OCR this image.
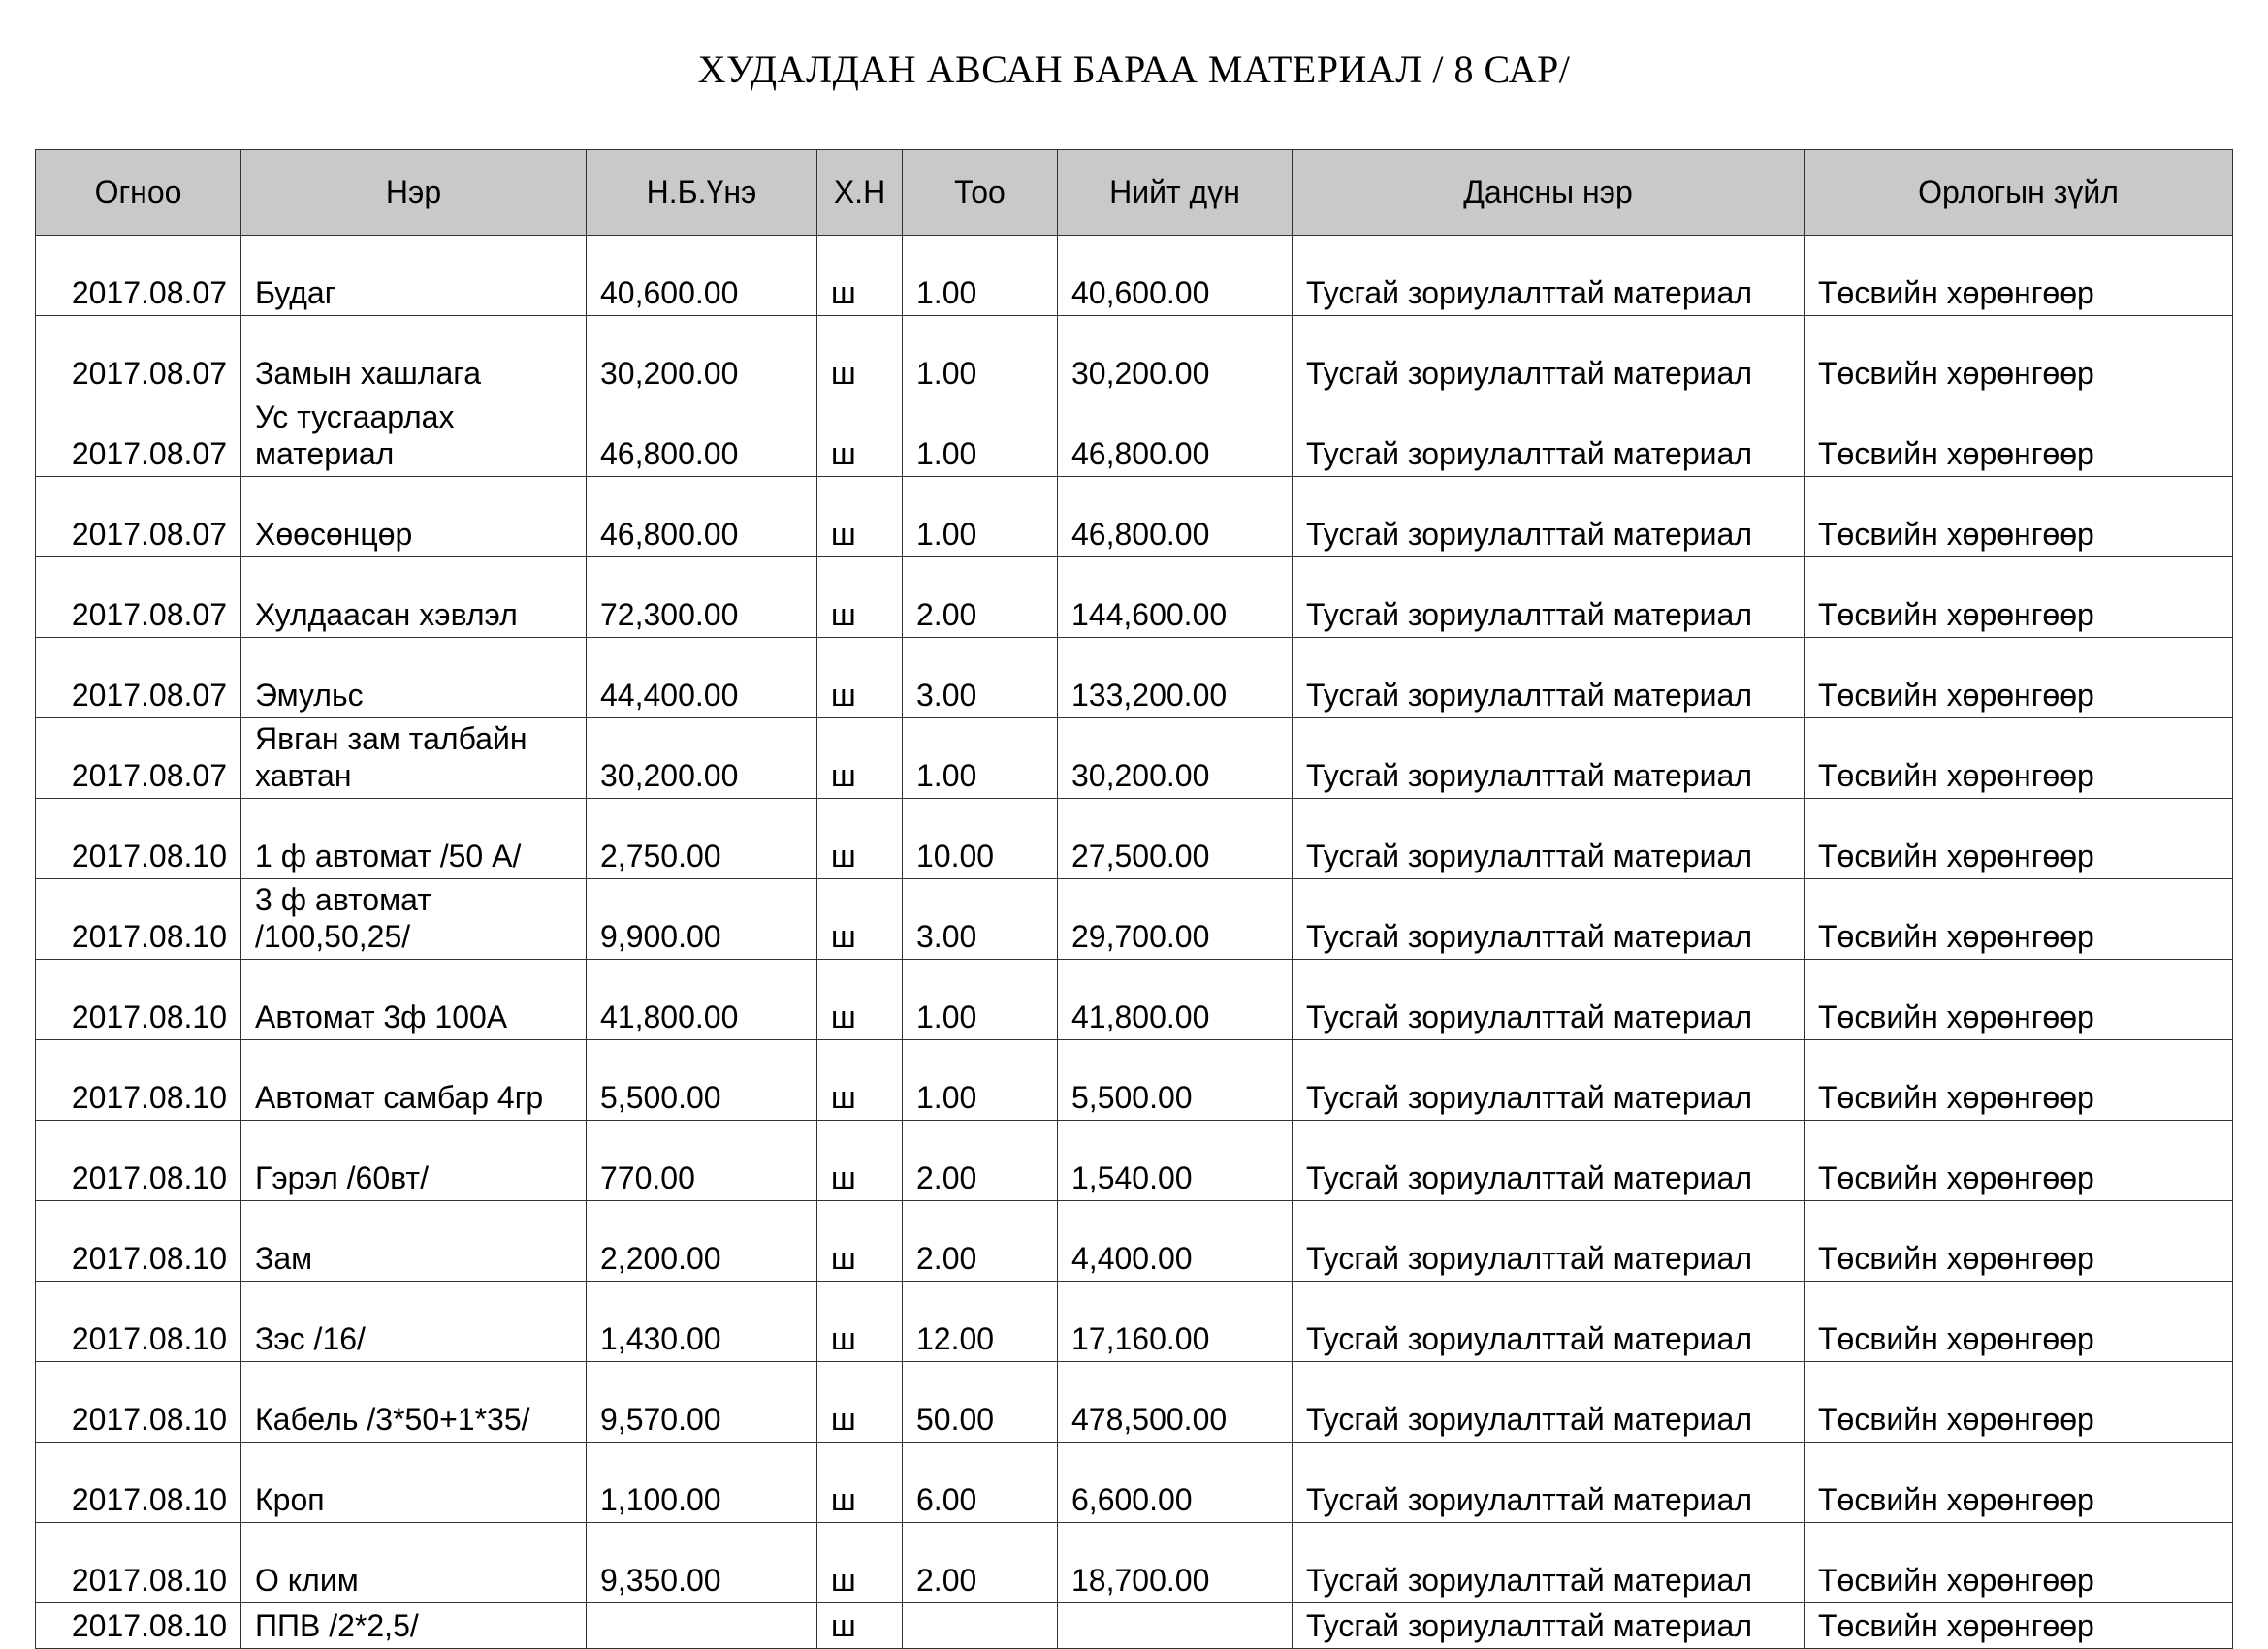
ХУДАЛДАН АВСАН БАРАА МАТЕРИАЛ / 8 САР/
Огноо	Нэр	Н.Б.Үнэ	Х.Н	Тоо	Нийт дүн	Дансны нэр	Орлогын зүйл
2017.08.07	Будаг	40,600.00	ш	1.00	40,600.00	Тусгай зориулалттай материал	Төсвийн хөрөнгөөр
2017.08.07	Замын хашлага	30,200.00	ш	1.00	30,200.00	Тусгай зориулалттай материал	Төсвийн хөрөнгөөр
2017.08.07	Ус тусгаарлах материал	46,800.00	ш	1.00	46,800.00	Тусгай зориулалттай материал	Төсвийн хөрөнгөөр
2017.08.07	Хөөсөнцөр	46,800.00	ш	1.00	46,800.00	Тусгай зориулалттай материал	Төсвийн хөрөнгөөр
2017.08.07	Хулдаасан хэвлэл	72,300.00	ш	2.00	144,600.00	Тусгай зориулалттай материал	Төсвийн хөрөнгөөр
2017.08.07	Эмульс	44,400.00	ш	3.00	133,200.00	Тусгай зориулалттай материал	Төсвийн хөрөнгөөр
2017.08.07	Явган зам талбайн хавтан	30,200.00	ш	1.00	30,200.00	Тусгай зориулалттай материал	Төсвийн хөрөнгөөр
2017.08.10	1 ф автомат /50 А/	2,750.00	ш	10.00	27,500.00	Тусгай зориулалттай материал	Төсвийн хөрөнгөөр
2017.08.10	3 ф автомат /100,50,25/	9,900.00	ш	3.00	29,700.00	Тусгай зориулалттай материал	Төсвийн хөрөнгөөр
2017.08.10	Автомат 3ф 100А	41,800.00	ш	1.00	41,800.00	Тусгай зориулалттай материал	Төсвийн хөрөнгөөр
2017.08.10	Автомат самбар 4гр	5,500.00	ш	1.00	5,500.00	Тусгай зориулалттай материал	Төсвийн хөрөнгөөр
2017.08.10	Гэрэл /60вт/	770.00	ш	2.00	1,540.00	Тусгай зориулалттай материал	Төсвийн хөрөнгөөр
2017.08.10	Зам	2,200.00	ш	2.00	4,400.00	Тусгай зориулалттай материал	Төсвийн хөрөнгөөр
2017.08.10	Зэс /16/	1,430.00	ш	12.00	17,160.00	Тусгай зориулалттай материал	Төсвийн хөрөнгөөр
2017.08.10	Кабель /3*50+1*35/	9,570.00	ш	50.00	478,500.00	Тусгай зориулалттай материал	Төсвийн хөрөнгөөр
2017.08.10	Кроп	1,100.00	ш	6.00	6,600.00	Тусгай зориулалттай материал	Төсвийн хөрөнгөөр
2017.08.10	О клим	9,350.00	ш	2.00	18,700.00	Тусгай зориулалттай материал	Төсвийн хөрөнгөөр
2017.08.10	ППВ /2*2,5/		ш			Тусгай зориулалттай материал	Төсвийн хөрөнгөөр
